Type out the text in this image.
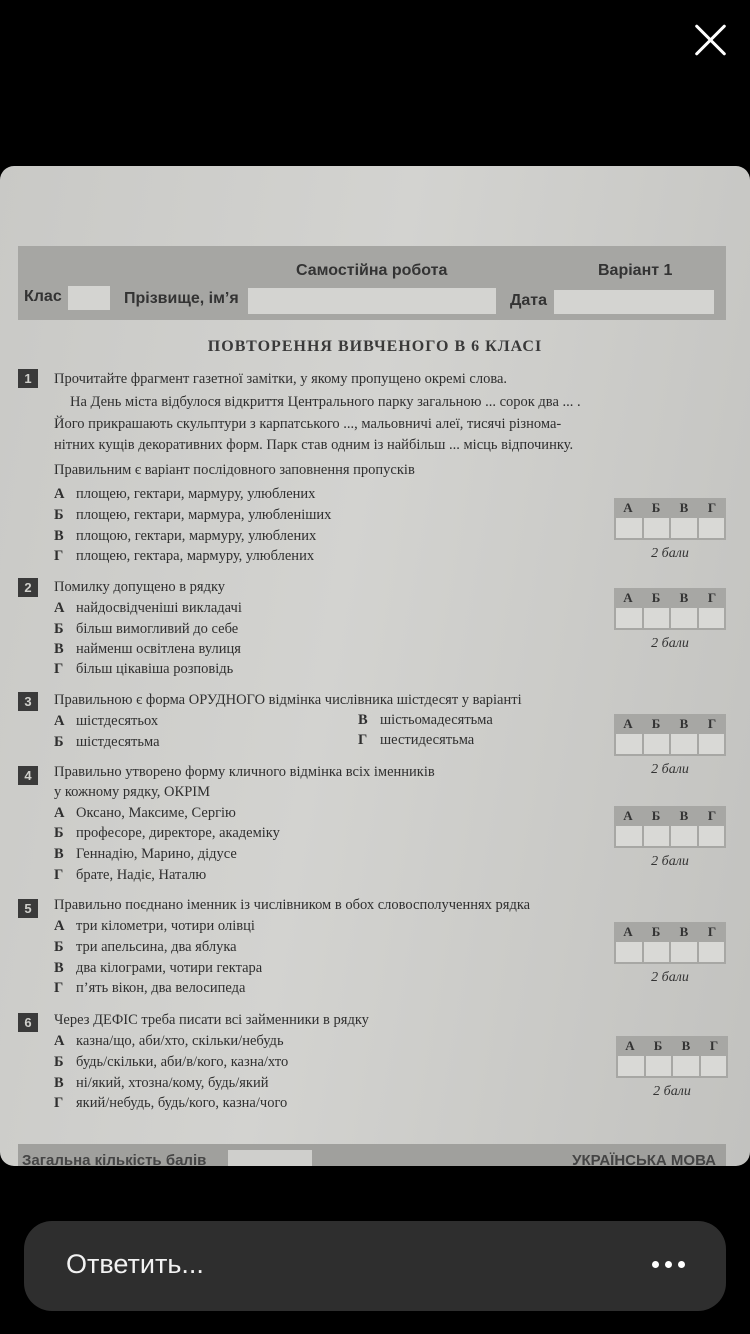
Самостійна робота	Варіант 1
Клас	Прізвище, ім’я	Дата
ПОВТОРЕННЯ ВИВЧЕНОГО В 6 КЛАСІ
1	Прочитайте фрагмент газетної замітки, у якому пропущено окремі слова.
На День міста відбулося відкриття Центрального парку загальною ... сорок два ... .
Його прикрашають скульптури з карпатського ..., мальовничі алеї, тисячі різнома-
нітних кущів декоративних форм. Парк став одним із найбільш ... місць відпочинку.
Правильним є варіант послідовного заповнення пропусків
А площею, гектари, мармуру, улюблених
Б площею, гектари, мармура, улюбленіших
В площою, гектари, мармуру, улюблених
Г площею, гектара, мармуру, улюблених
А	Б	В	Г
2 бали
2	Помилку допущено в рядку
А найдосвідченіші викладачі
Б більш вимогливий до себе
В найменш освітлена вулиця
Г більш цікавіша розповідь
А	Б	В	Г
2 бали
3	Правильною є форма ОРУДНОГО відмінка числівника шістдесят у варіанті
А шістдесятьох
Б шістдесятьма
В шістьомадесятьма
Г шестидесятьма
А	Б	В	Г
2 бали
4	Правильно утворено форму кличного відмінка всіх іменників
у кожному рядку, ОКРІМ
А Оксано, Максиме, Сергію
Б професоре, директоре, академіку
В Геннадію, Марино, дідусе
Г брате, Надіє, Наталю
А	Б	В	Г
2 бали
5	Правильно поєднано іменник із числівником в обох словосполученнях рядка
А три кілометри, чотири олівці
Б три апельсина, два яблука
В два кілограми, чотири гектара
Г п’ять вікон, два велосипеда
А	Б	В	Г
2 бали
6	Через ДЕФІС треба писати всі займенники в рядку
А казна/що, аби/хто, скільки/небудь
Б будь/скільки, аби/в/кого, казна/хто
В ні/який, хтозна/кому, будь/який
Г який/небудь, будь/кого, казна/чого
А	Б	В	Г
2 бали
Загальна кількість балів	УКРАЇНСЬКА МОВА
Ответить...
